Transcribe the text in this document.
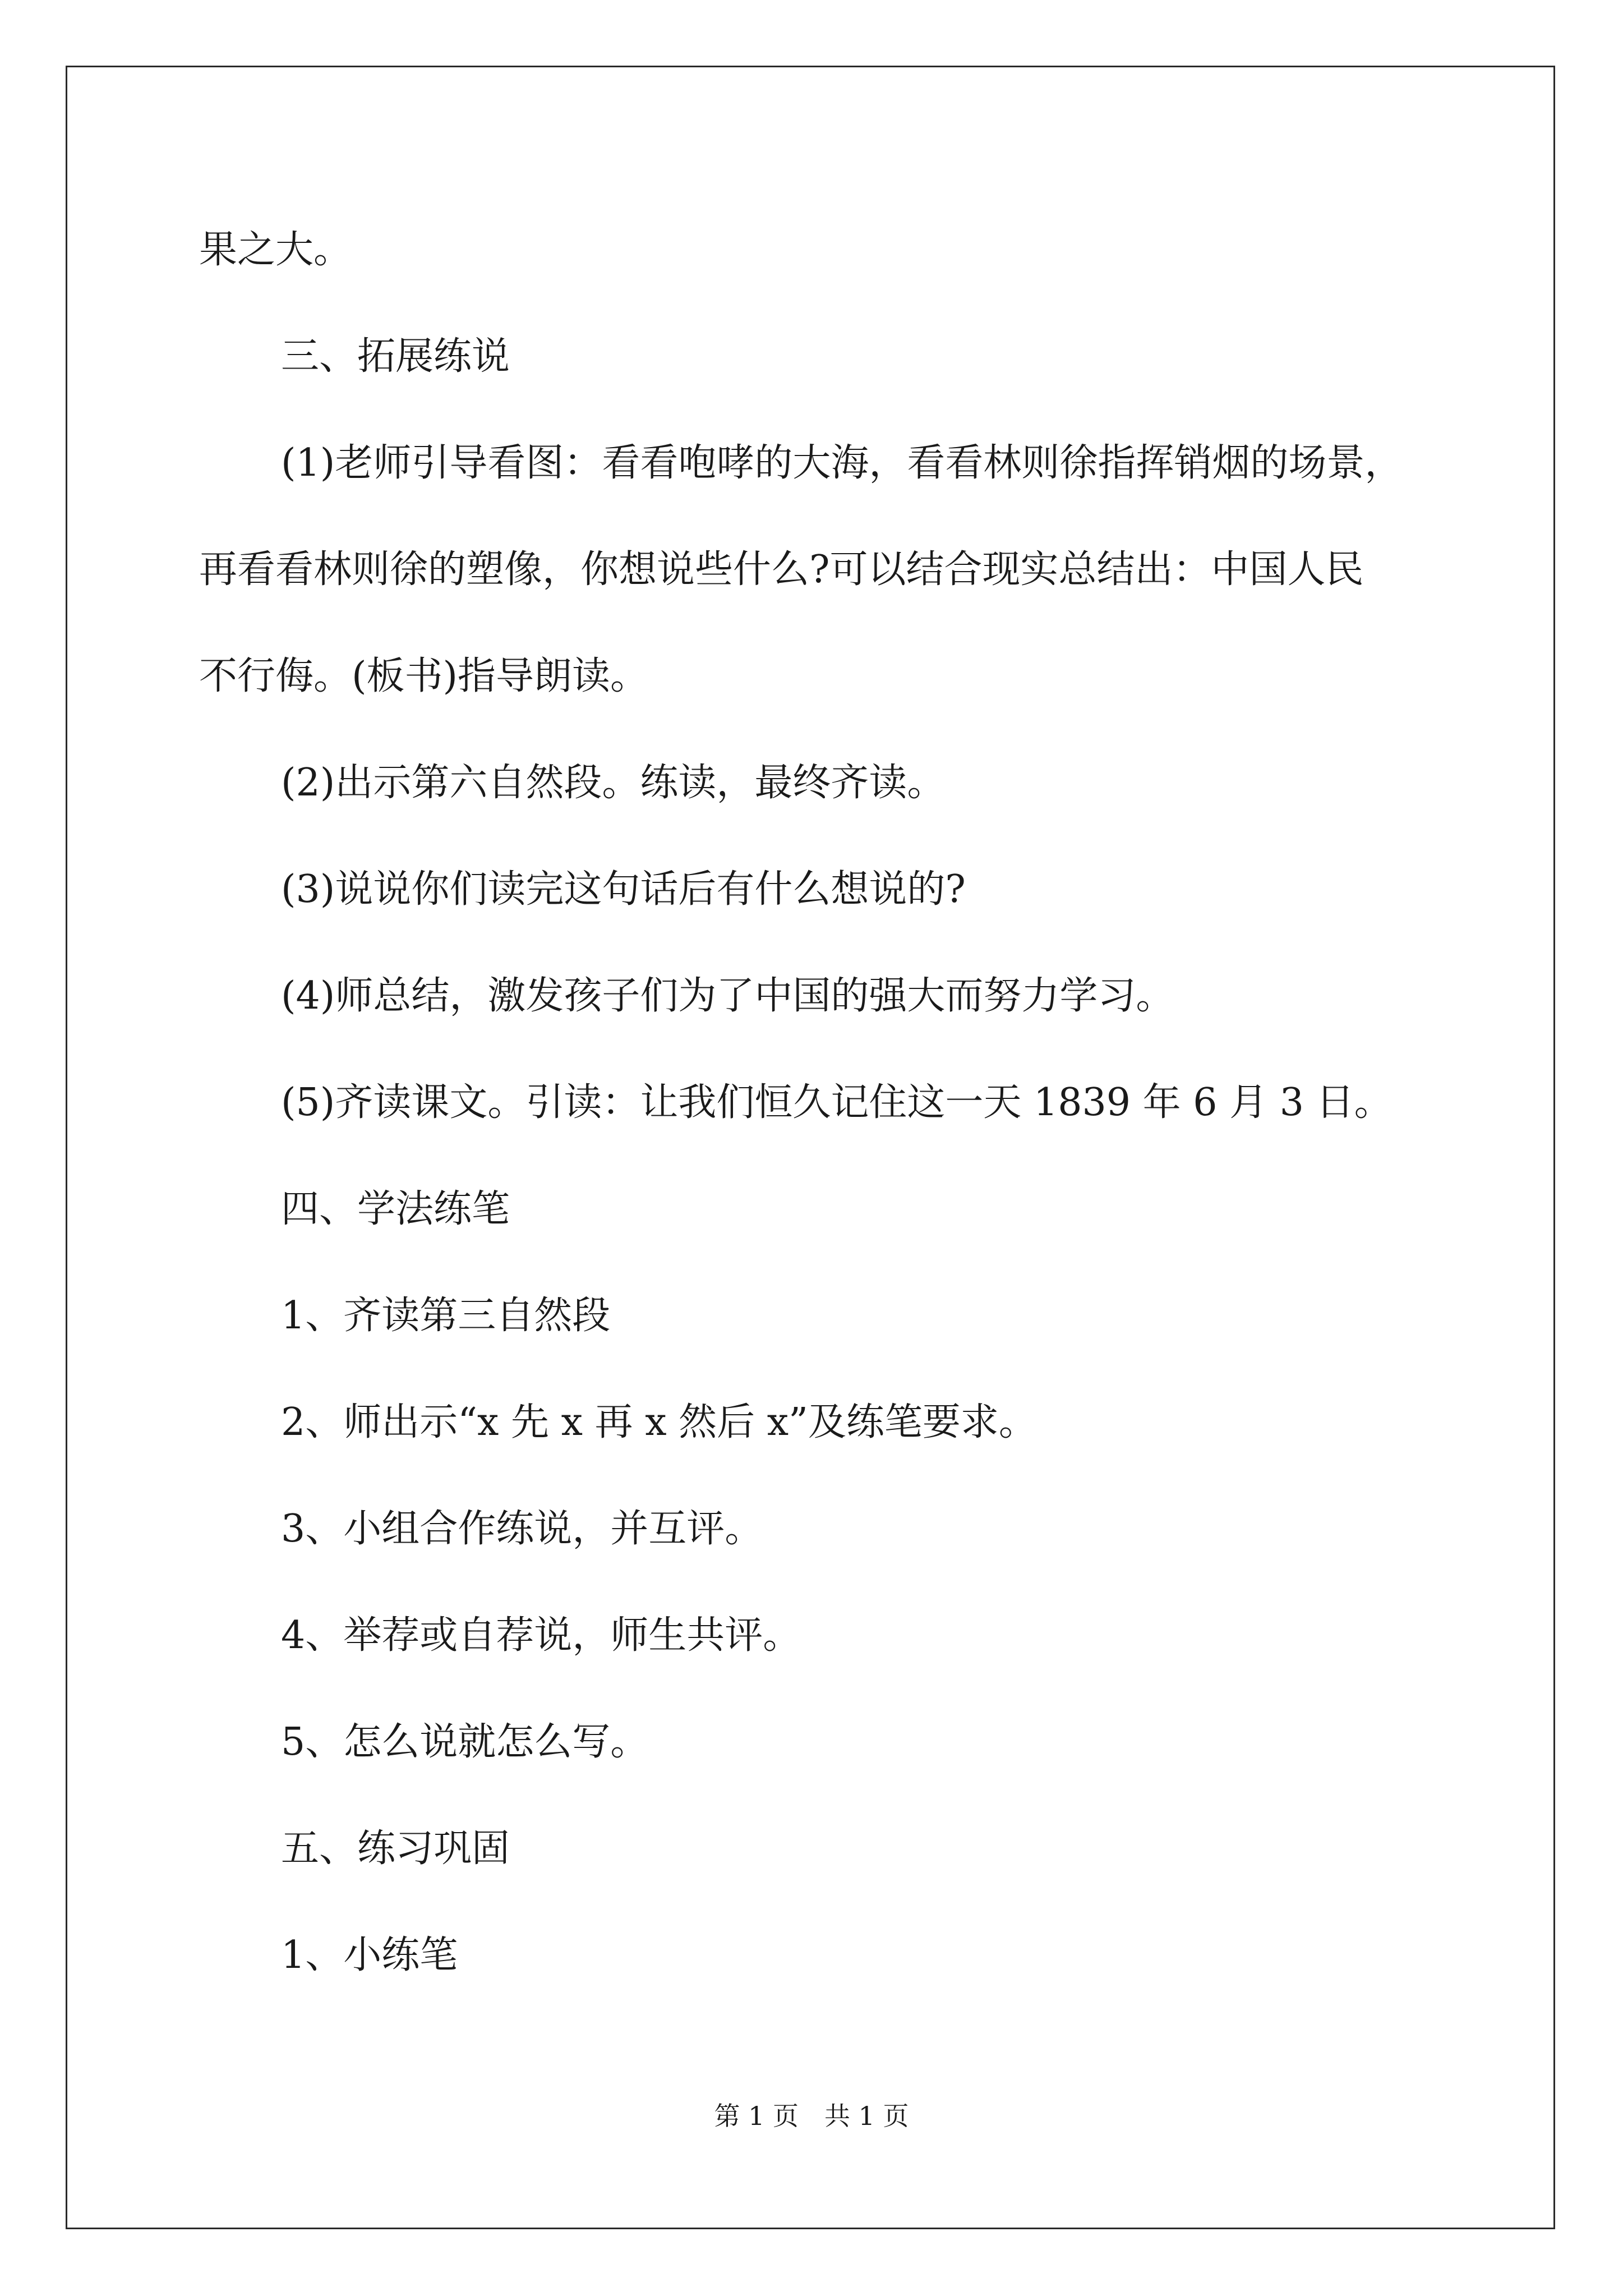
果之大。
三、拓展练说
(1)老师引导看图：看看咆哮的大海，看看林则徐指挥销烟的场景，
再看看林则徐的塑像，你想说些什么?可以结合现实总结出：中国人民
不行侮。(板书)指导朗读。
(2)出示第六自然段。练读，最终齐读。
(3)说说你们读完这句话后有什么想说的?
(4)师总结，激发孩子们为了中国的强大而努力学习。
(5)齐读课文。引读：让我们恒久记住这一天 1839 年 6 月 3 日。
四、学法练笔
1、齐读第三自然段
2、师出示“x 先 x 再 x 然后 x”及练笔要求。
3、小组合作练说，并互评。
4、举荐或自荐说，师生共评。
5、怎么说就怎么写。
五、练习巩固
1、小练笔
第 1 页　共 1 页
